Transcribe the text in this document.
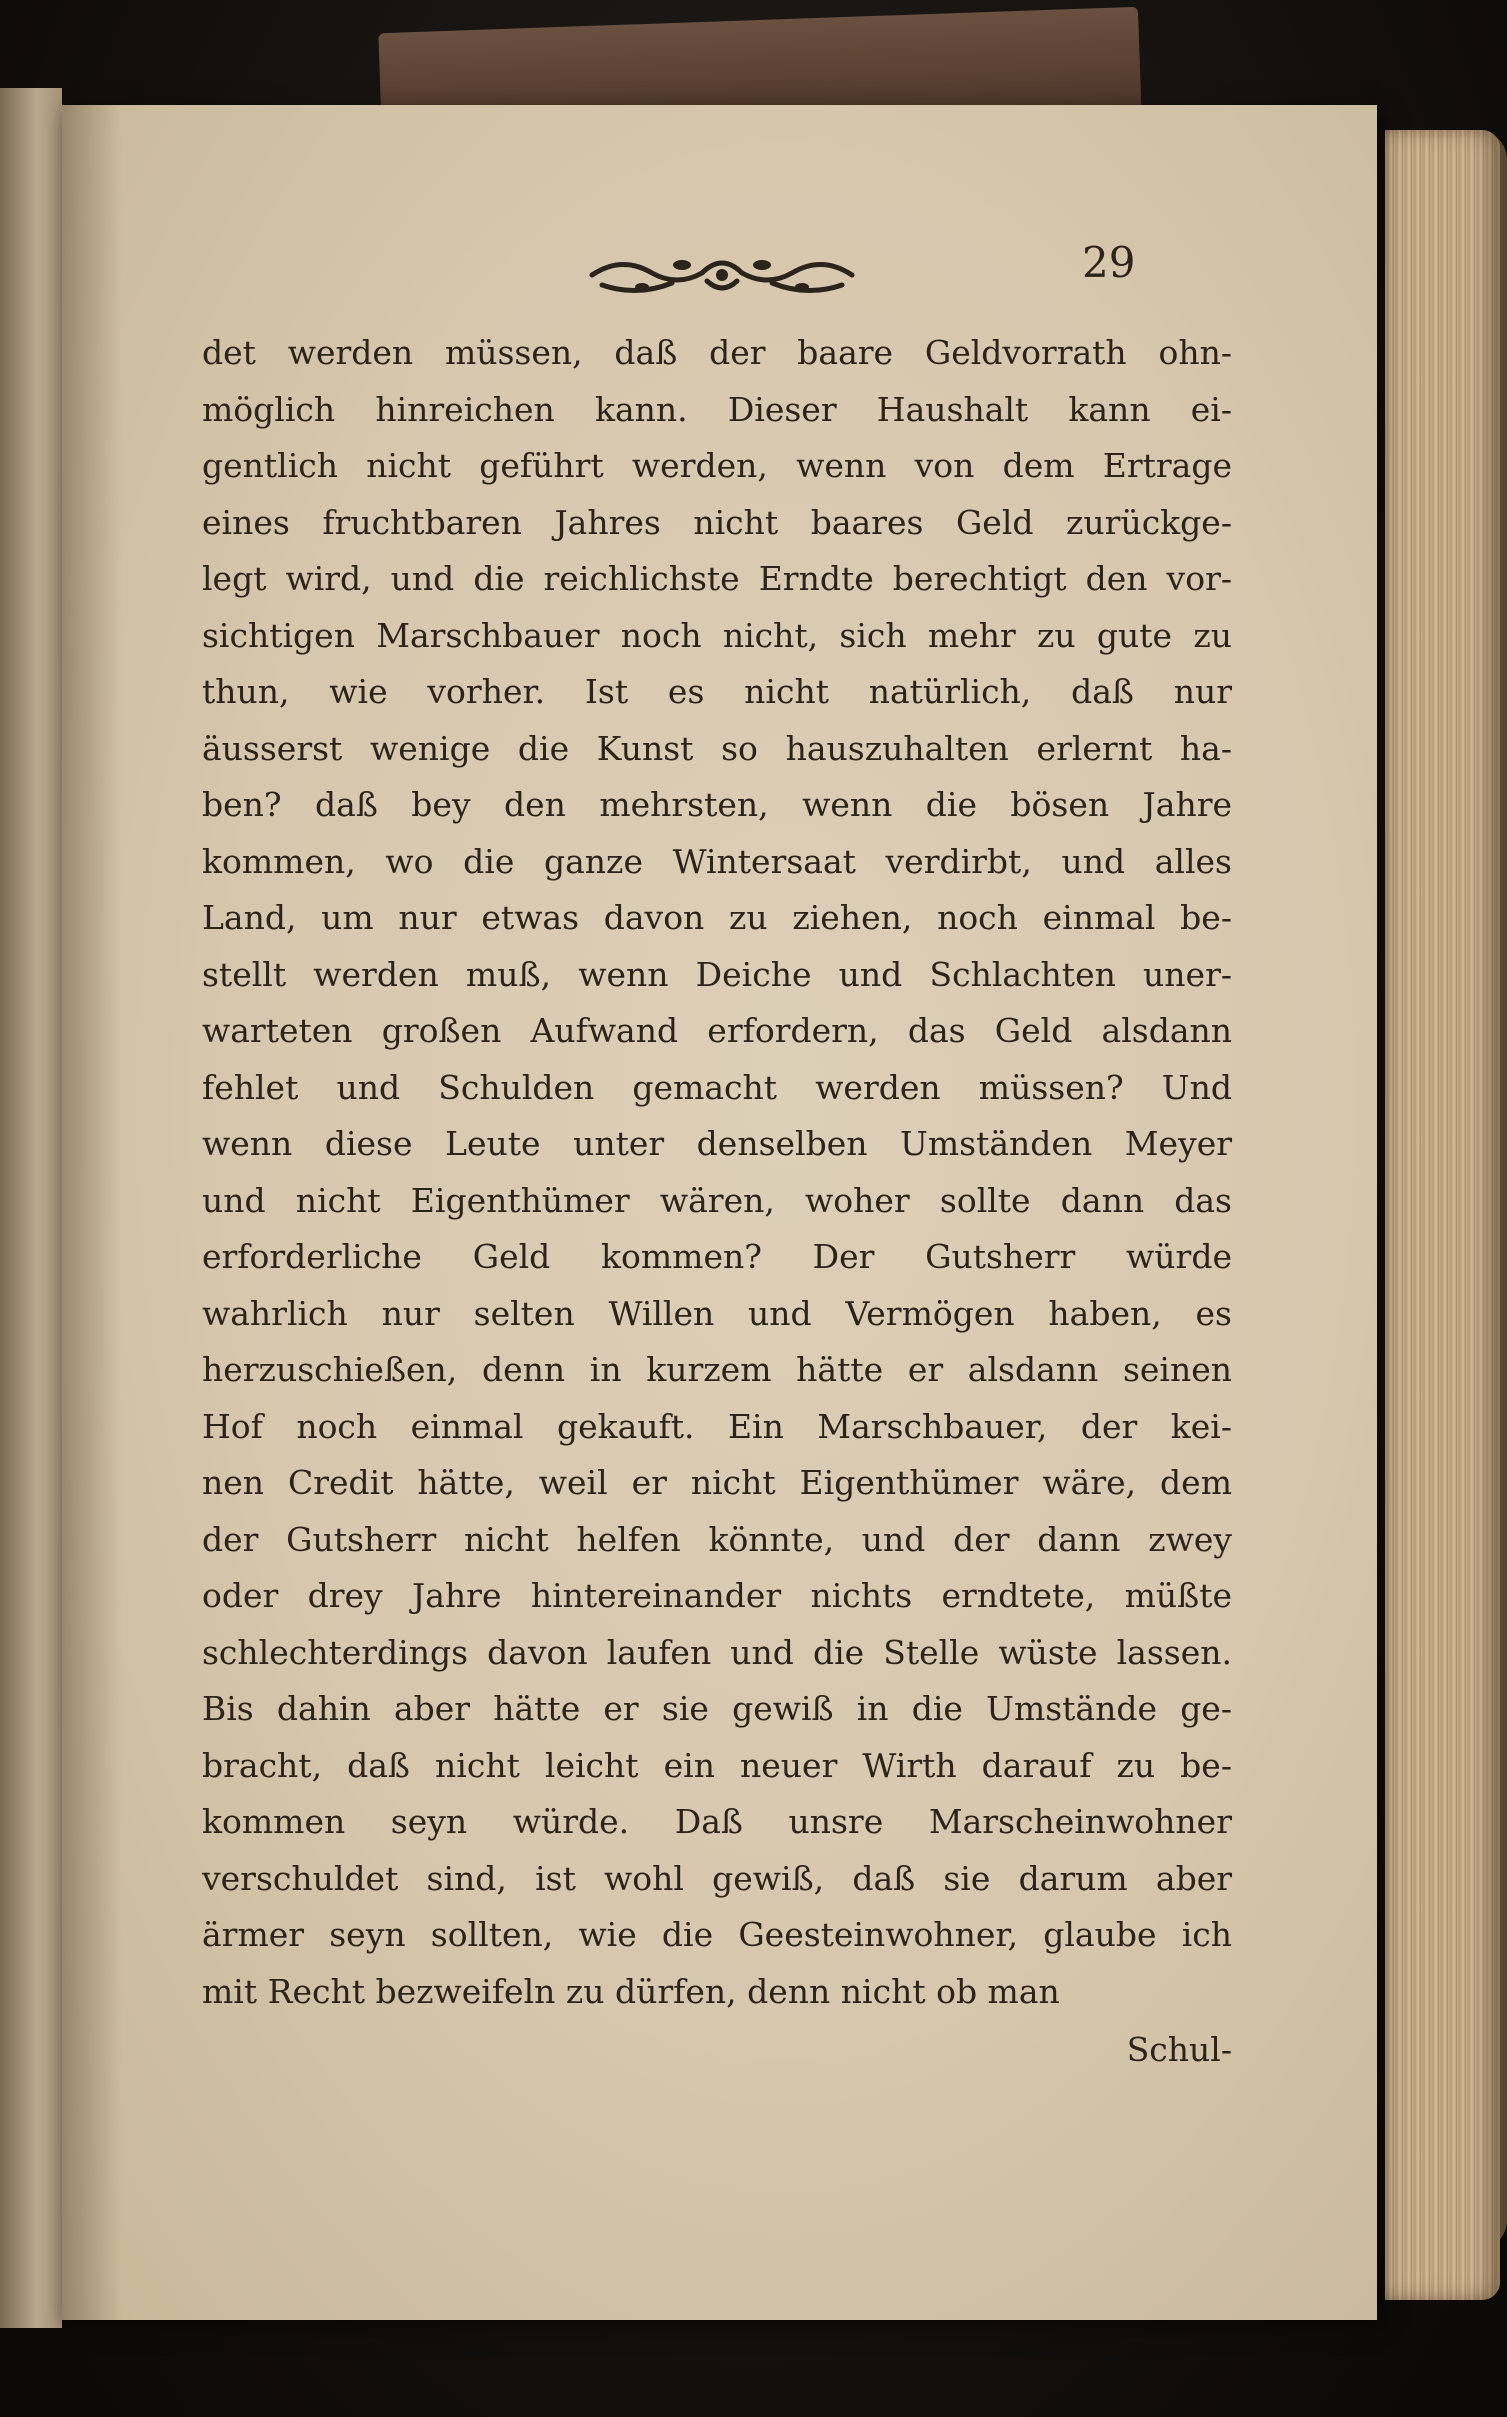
29

det werden müssen, daß der baare Geldvorrath ohn-
möglich hinreichen kann. Dieser Haushalt kann ei-
gentlich nicht geführt werden, wenn von dem Ertrage
eines fruchtbaren Jahres nicht baares Geld zurückge-
legt wird, und die reichlichste Erndte berechtigt den vor-
sichtigen Marschbauer noch nicht, sich mehr zu gute zu
thun, wie vorher. Ist es nicht natürlich, daß nur
äusserst wenige die Kunst so hauszuhalten erlernt ha-
ben? daß bey den mehrsten, wenn die bösen Jahre
kommen, wo die ganze Wintersaat verdirbt, und alles
Land, um nur etwas davon zu ziehen, noch einmal be-
stellt werden muß, wenn Deiche und Schlachten uner-
warteten großen Aufwand erfordern, das Geld alsdann
fehlet und Schulden gemacht werden müssen? Und
wenn diese Leute unter denselben Umständen Meyer
und nicht Eigenthümer wären, woher sollte dann das
erforderliche Geld kommen? Der Gutsherr würde
wahrlich nur selten Willen und Vermögen haben, es
herzuschießen, denn in kurzem hätte er alsdann seinen
Hof noch einmal gekauft. Ein Marschbauer, der kei-
nen Credit hätte, weil er nicht Eigenthümer wäre, dem
der Gutsherr nicht helfen könnte, und der dann zwey
oder drey Jahre hintereinander nichts erndtete, müßte
schlechterdings davon laufen und die Stelle wüste lassen.
Bis dahin aber hätte er sie gewiß in die Umstände ge-
bracht, daß nicht leicht ein neuer Wirth darauf zu be-
kommen seyn würde. Daß unsre Marscheinwohner
verschuldet sind, ist wohl gewiß, daß sie darum aber
ärmer seyn sollten, wie die Geesteinwohner, glaube ich
mit Recht bezweifeln zu dürfen, denn nicht ob man

Schul-
